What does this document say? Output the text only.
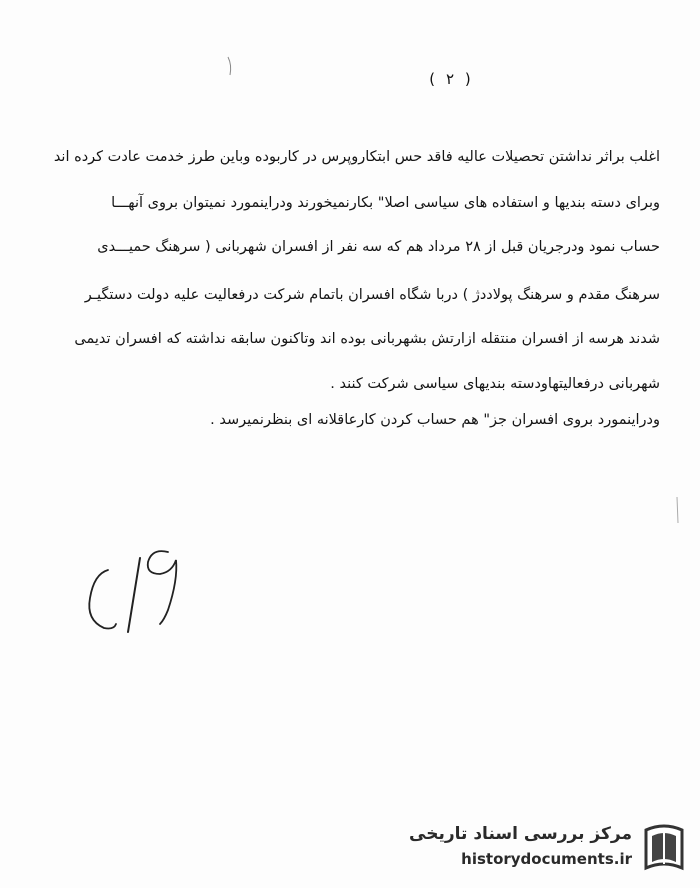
( ٢ )
اغلب براثر نداشتن تحصیلات عالیه فاقد حس ابتکاروپرس در کاربوده وباین طرز خدمت عادت کرده اند
وبرای دسته بندیها و استفاده های سیاسی اصلا" بکارنمیخورند ودراینمورد نمیتوان بروی آنهـــا
حساب نمود ودرجریان قبل از ۲۸ مرداد هم که سه نفر از افسران شهربانی ( سرهنگ حمیـــدی
سرهنگ مقدم و سرهنگ پولاددژ ) دربا شگاه افسران باتمام شرکت درفعالیت علیه دولت دستگیـر
شدند هرسه از افسران منتقله ازارتش بشهربانی بوده اند وتاکنون سابقه نداشته که افسران تدیمی
شهربانی درفعالیتهاودسته بندیهای سیاسی شرکت کنند .
ودراینمورد بروی افسران جز" هم حساب کردن کارعاقلانه ای بنظرنمیرسد .
مرکز بررسی اسناد تاریخی
historydocuments.ir
